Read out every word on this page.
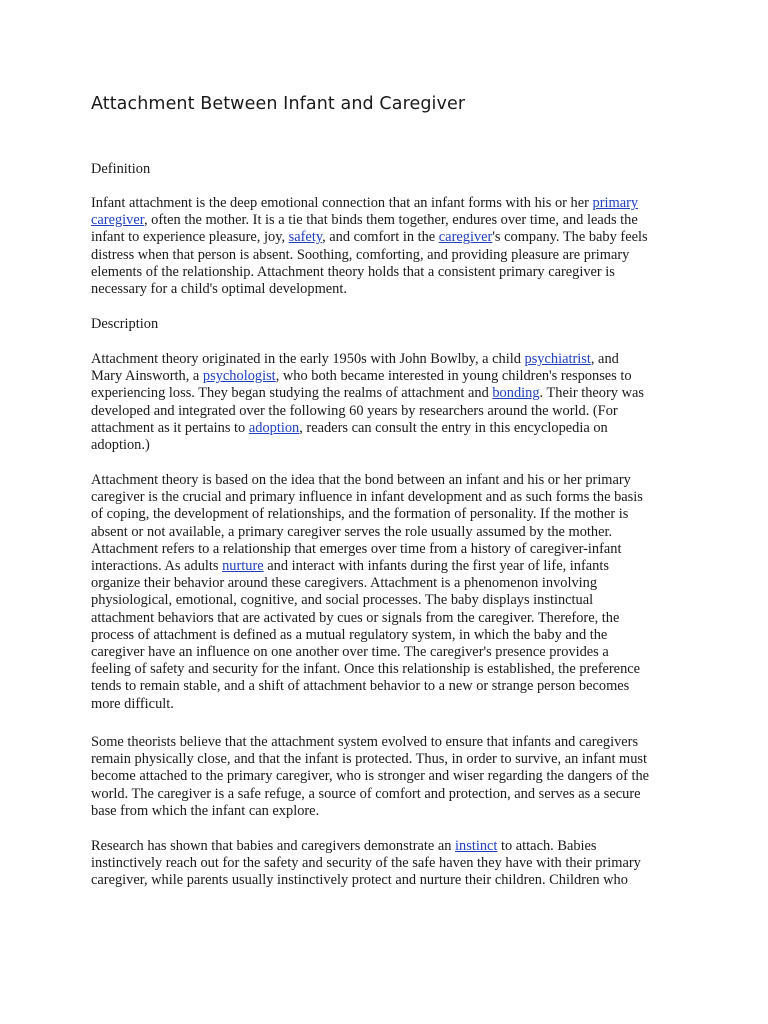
Attachment Between Infant and Caregiver

Definition

Infant attachment is the deep emotional connection that an infant forms with his or her primary
caregiver, often the mother. It is a tie that binds them together, endures over time, and leads the
infant to experience pleasure, joy, safety, and comfort in the caregiver's company. The baby feels
distress when that person is absent. Soothing, comforting, and providing pleasure are primary
elements of the relationship. Attachment theory holds that a consistent primary caregiver is
necessary for a child's optimal development.

Description

Attachment theory originated in the early 1950s with John Bowlby, a child psychiatrist, and
Mary Ainsworth, a psychologist, who both became interested in young children's responses to
experiencing loss. They began studying the realms of attachment and bonding. Their theory was
developed and integrated over the following 60 years by researchers around the world. (For
attachment as it pertains to adoption, readers can consult the entry in this encyclopedia on
adoption.)

Attachment theory is based on the idea that the bond between an infant and his or her primary
caregiver is the crucial and primary influence in infant development and as such forms the basis
of coping, the development of relationships, and the formation of personality. If the mother is
absent or not available, a primary caregiver serves the role usually assumed by the mother.
Attachment refers to a relationship that emerges over time from a history of caregiver-infant
interactions. As adults nurture and interact with infants during the first year of life, infants
organize their behavior around these caregivers. Attachment is a phenomenon involving
physiological, emotional, cognitive, and social processes. The baby displays instinctual
attachment behaviors that are activated by cues or signals from the caregiver. Therefore, the
process of attachment is defined as a mutual regulatory system, in which the baby and the
caregiver have an influence on one another over time. The caregiver's presence provides a
feeling of safety and security for the infant. Once this relationship is established, the preference
tends to remain stable, and a shift of attachment behavior to a new or strange person becomes
more difficult.

Some theorists believe that the attachment system evolved to ensure that infants and caregivers
remain physically close, and that the infant is protected. Thus, in order to survive, an infant must
become attached to the primary caregiver, who is stronger and wiser regarding the dangers of the
world. The caregiver is a safe refuge, a source of comfort and protection, and serves as a secure
base from which the infant can explore.

Research has shown that babies and caregivers demonstrate an instinct to attach. Babies
instinctively reach out for the safety and security of the safe haven they have with their primary
caregiver, while parents usually instinctively protect and nurture their children. Children who
